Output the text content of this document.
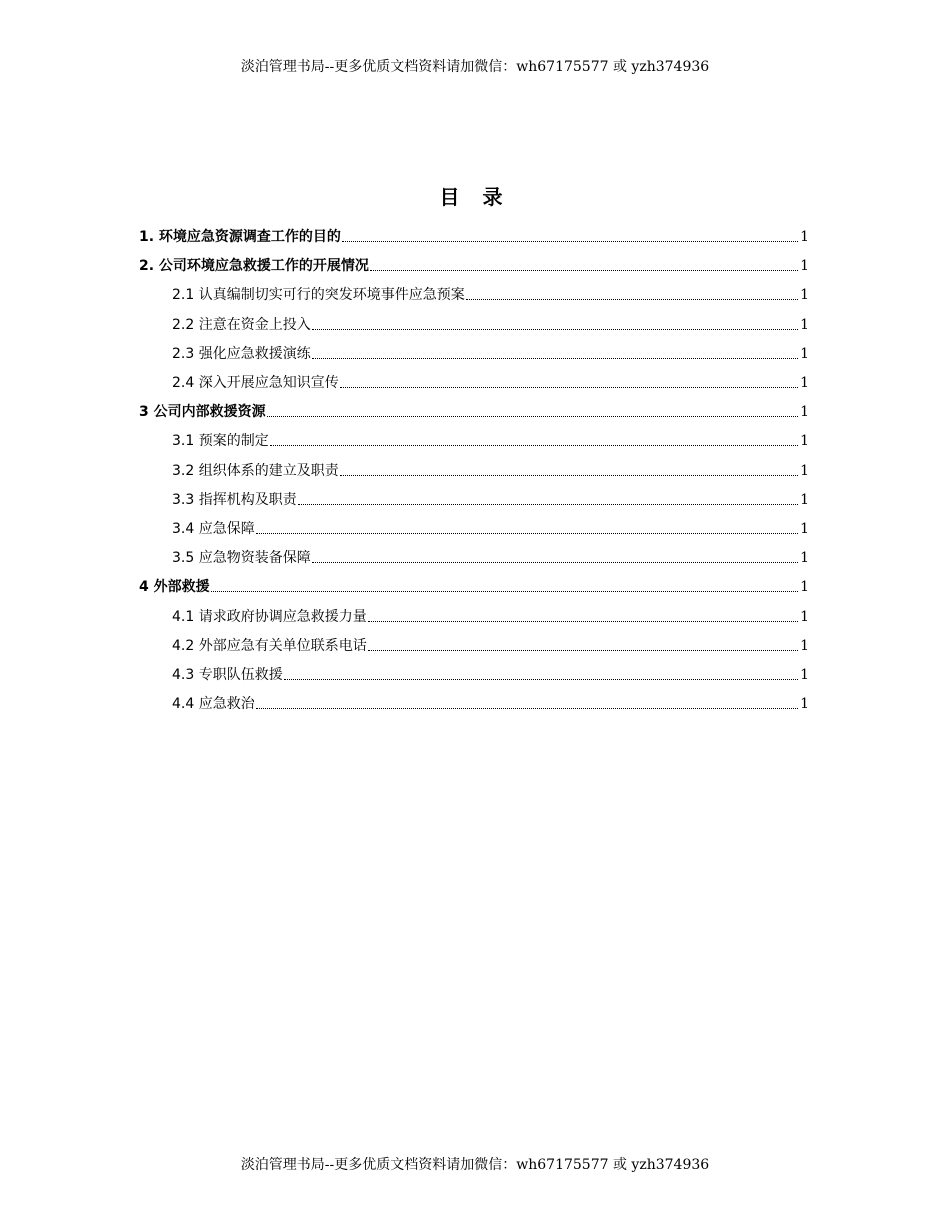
淡泊管理书局--更多优质文档资料请加微信：wh67175577 或 yzh374936
目 录
1. 环境应急资源调查工作的目的	1
2. 公司环境应急救援工作的开展情况	1
2.1 认真编制切实可行的突发环境事件应急预案	1
2.2 注意在资金上投入	1
2.3 强化应急救援演练	1
2.4 深入开展应急知识宣传	1
3 公司内部救援资源	1
3.1 预案的制定	1
3.2 组织体系的建立及职责	1
3.3 指挥机构及职责	1
3.4 应急保障	1
3.5 应急物资装备保障	1
4 外部救援	1
4.1 请求政府协调应急救援力量	1
4.2 外部应急有关单位联系电话	1
4.3 专职队伍救援	1
4.4 应急救治	1
淡泊管理书局--更多优质文档资料请加微信：wh67175577 或 yzh374936
